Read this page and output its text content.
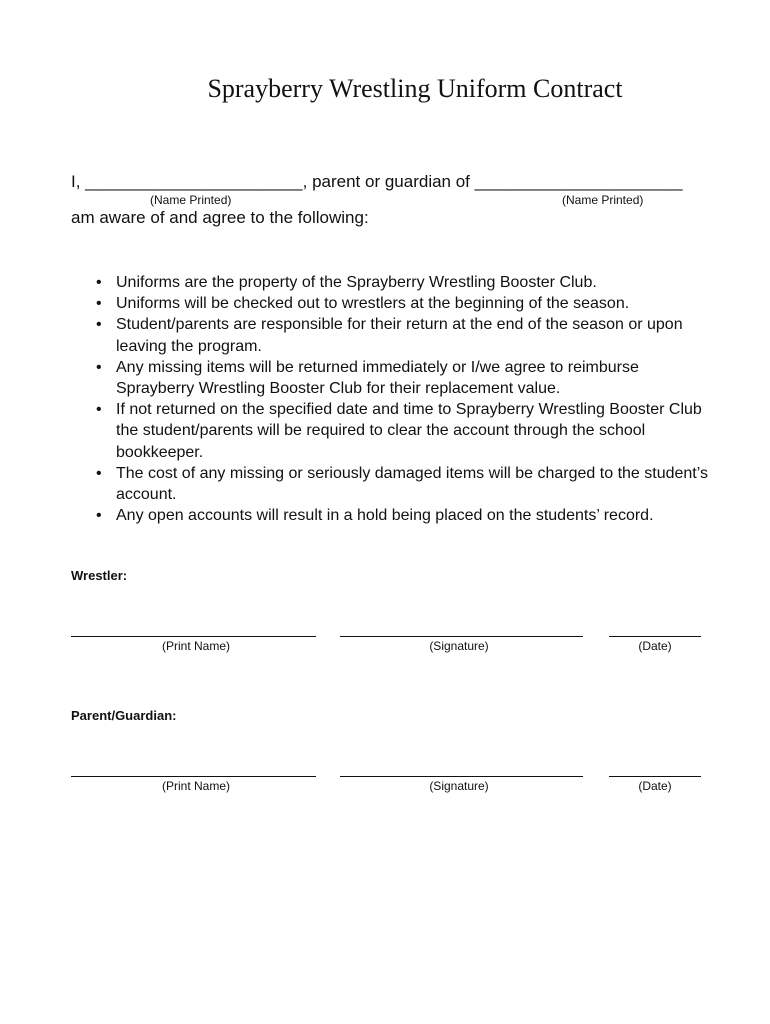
Sprayberry Wrestling Uniform Contract
I, _______________________, parent or guardian of ______________________
(Name Printed)	(Name Printed)
am aware of and agree to the following:
• Uniforms are the property of the Sprayberry Wrestling Booster Club.
• Uniforms will be checked out to wrestlers at the beginning of the season.
• Student/parents are responsible for their return at the end of the season or upon leaving the program.
• Any missing items will be returned immediately or I/we agree to reimburse Sprayberry Wrestling Booster Club for their replacement value.
• If not returned on the specified date and time to Sprayberry Wrestling Booster Club the student/parents will be required to clear the account through the school bookkeeper.
• The cost of any missing or seriously damaged items will be charged to the student’s account.
• Any open accounts will result in a hold being placed on the students’ record.
Wrestler:
(Print Name)	(Signature)	(Date)
Parent/Guardian:
(Print Name)	(Signature)	(Date)
